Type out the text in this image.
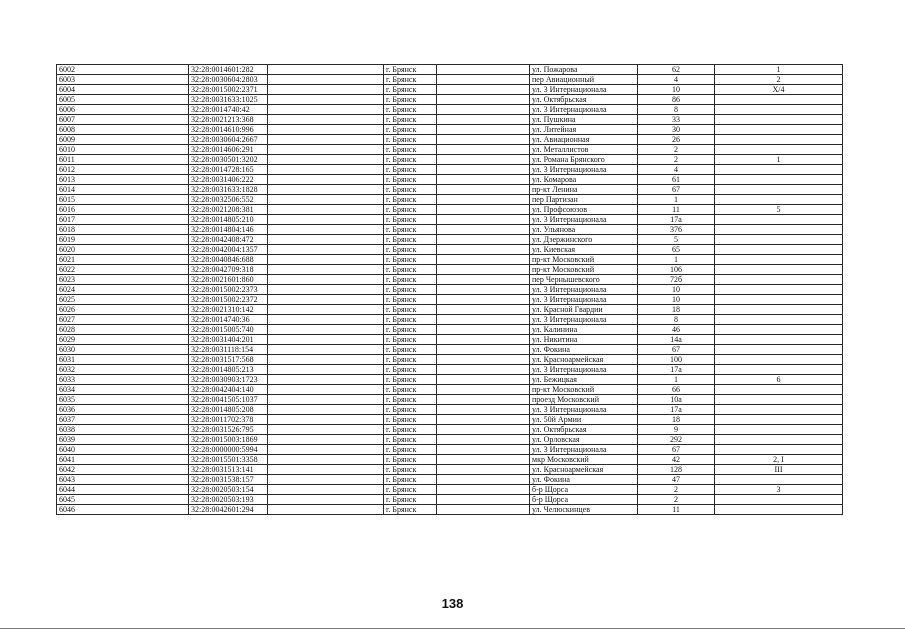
6002	32:28:0014601:282		г. Брянск		ул. Пожарова	62	1
6003	32:28:0030604:2803		г. Брянск		пер Авиационный	4	2
6004	32:28:0015002:2371		г. Брянск		ул. 3 Интернационала	10	Х/4
6005	32:28:0031633:1025		г. Брянск		ул. Октябрьская	86	
6006	32:28:0014740:42		г. Брянск		ул. 3 Интернационала	8	
6007	32:28:0021213:368		г. Брянск		ул. Пушкина	33	
6008	32:28:0014610:996		г. Брянск		ул. Литейная	30	
6009	32:28:0030604:2667		г. Брянск		ул. Авиационная	26	
6010	32:28:0014606:291		г. Брянск		ул. Металлистов	2	
6011	32:28:0030501:3202		г. Брянск		ул. Романа Брянского	2	1
6012	32:28:0014728:165		г. Брянск		ул. 3 Интернационала	4	
6013	32:28:0031406:222		г. Брянск		ул. Комарова	61	
6014	32:28:0031633:1828		г. Брянск		пр-кт Ленина	67	
6015	32:28:0032506:552		г. Брянск		пер Партизан	1	
6016	32:28:0021208:381		г. Брянск		ул. Профсоюзов	11	5
6017	32:28:0014805:210		г. Брянск		ул. 3 Интернационала	17а	
6018	32:28:0014804:146		г. Брянск		ул. Ульянова	376	
6019	32:28:0042408:472		г. Брянск		ул. Дзержинского	5	
6020	32:28:0042004:1357		г. Брянск		ул. Киевская	65	
6021	32:28:0040846:688		г. Брянск		пр-кт Московский	1	
6022	32:28:0042709:318		г. Брянск		пр-кт Московский	106	
6023	32:28:0021601:860		г. Брянск		пер Чернышевского	72б	
6024	32:28:0015002:2373		г. Брянск		ул. 3 Интернационала	10	
6025	32:28:0015002:2372		г. Брянск		ул. 3 Интернационала	10	
6026	32:28:0021310:142		г. Брянск		ул. Красной Гвардии	18	
6027	32:28:0014740:36		г. Брянск		ул. 3 Интернационала	8	
6028	32:28:0015005:740		г. Брянск		ул. Калинина	46	
6029	32:28:0031404:201		г. Брянск		ул. Никитина	14а	
6030	32:28:0031118:154		г. Брянск		ул. Фокина	67	
6031	32:28:0031517:568		г. Брянск		ул. Красноармейская	100	
6032	32:28:0014805:213		г. Брянск		ул. 3 Интернационала	17а	
6033	32:28:0030903:1723		г. Брянск		ул. Бежицкая	1	6
6034	32:28:0042404:140		г. Брянск		пр-кт Московский	66	
6035	32:28:0041505:1037		г. Брянск		проезд Московский	10а	
6036	32:28:0014805:208		г. Брянск		ул. 3 Интернационала	17а	
6037	32:28:0011702:378		г. Брянск		ул. 50й Армии	18	
6038	32:28:0031526:795		г. Брянск		ул. Октябрьская	9	
6039	32:28:0015003:1869		г. Брянск		ул. Орловская	292	
6040	32:28:0000000:5994		г. Брянск		ул. 3 Интернационала	67	
6041	32:28:0015501:3358		г. Брянск		мкр Московский	42	2, I
6042	32:28:0031513:141		г. Брянск		ул. Красноармейская	128	III
6043	32:28:0031538:157		г. Брянск		ул. Фокина	47	
6044	32:28:0020503:154		г. Брянск		б-р Щорса	2	3
6045	32:28:0020503:193		г. Брянск		б-р Щорса	2	
6046	32:28:0042601:294		г. Брянск		ул. Челюскинцев	11	
138
